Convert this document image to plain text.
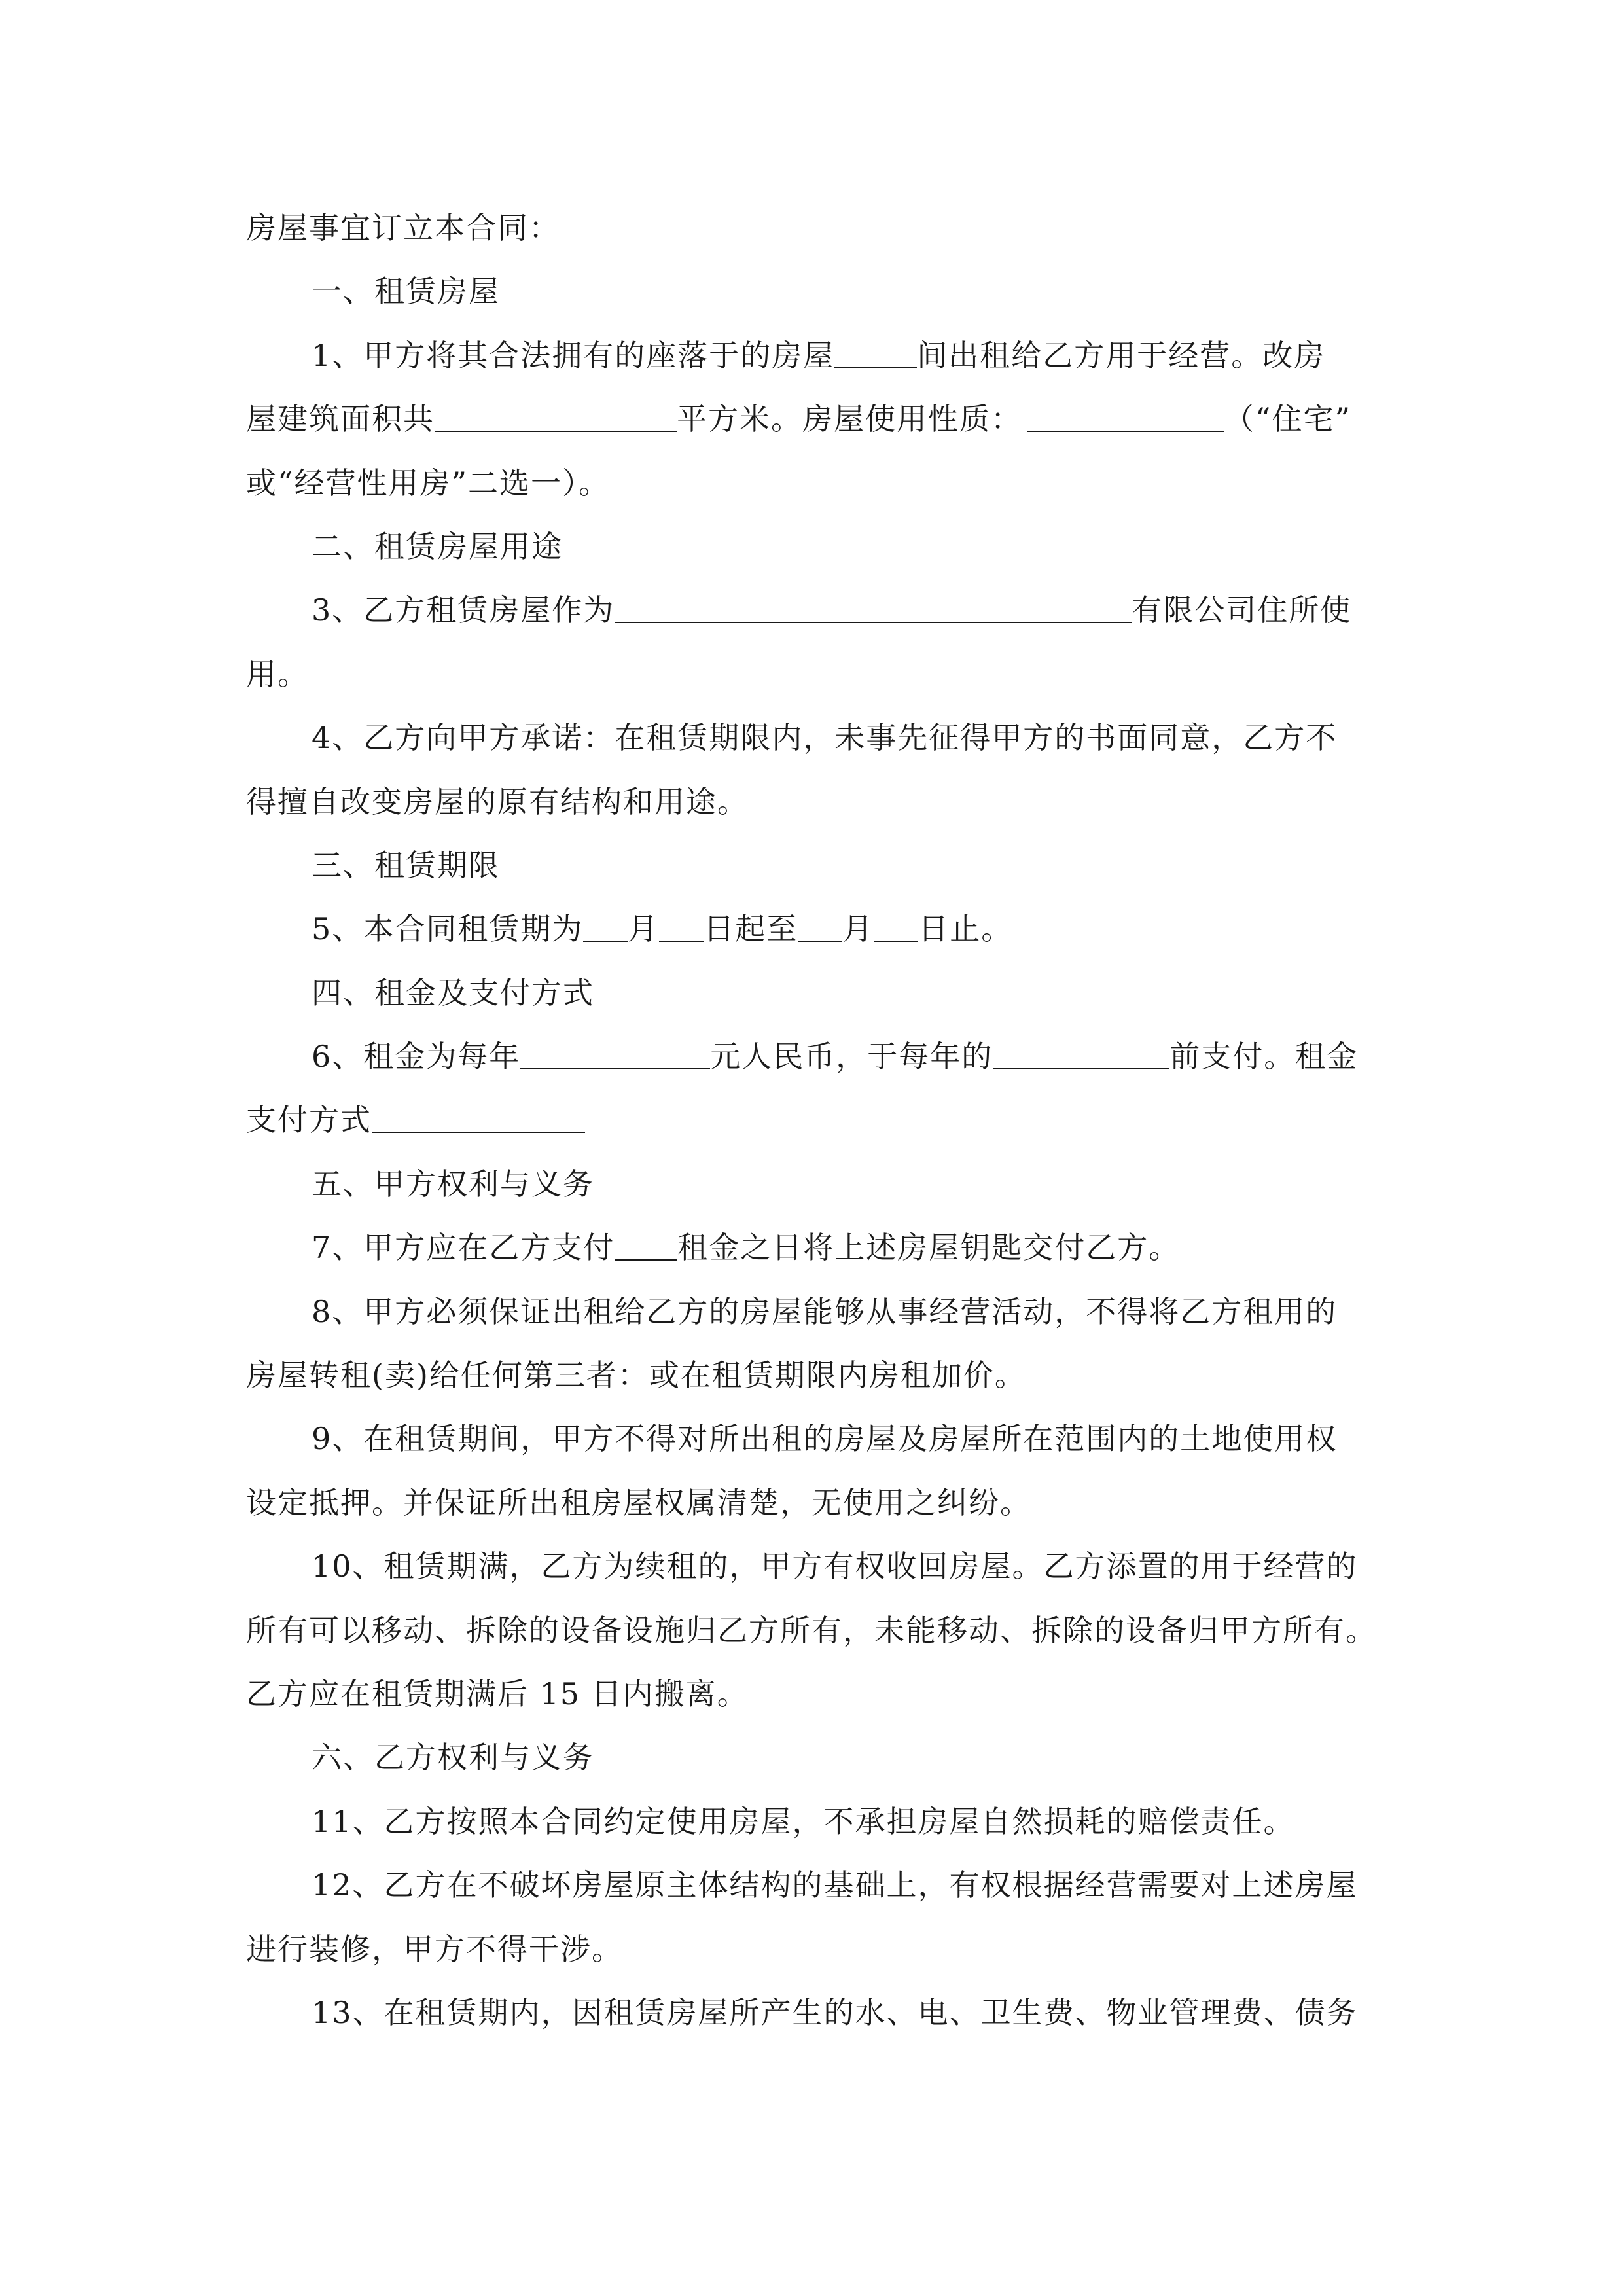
房屋事宜订立本合同：
一、租赁房屋
1、甲方将其合法拥有的座落于的房屋	间出租给乙方用于经营。改房
屋建筑面积共	平方米。房屋使用性质：	（“住宅”
或“经营性用房”二选一）。
二、租赁房屋用途
3、乙方租赁房屋作为	有限公司住所使
用。
4、乙方向甲方承诺：在租赁期限内，未事先征得甲方的书面同意，乙方不
得擅自改变房屋的原有结构和用途。
三、租赁期限
5、本合同租赁期为 月 日起至 月 日止。
四、租金及支付方式
6、租金为每年	元人民币，于每年的	前支付。租金
支付方式
五、甲方权利与义务
7、甲方应在乙方支付 租金之日将上述房屋钥匙交付乙方。
8、甲方必须保证出租给乙方的房屋能够从事经营活动，不得将乙方租用的
房屋转租(卖)给任何第三者：或在租赁期限内房租加价。
9、在租赁期间，甲方不得对所出租的房屋及房屋所在范围内的土地使用权
设定抵押。并保证所出租房屋权属清楚，无使用之纠纷。
10、租赁期满，乙方为续租的，甲方有权收回房屋。乙方添置的用于经营的
所有可以移动、拆除的设备设施归乙方所有，未能移动、拆除的设备归甲方所有。
乙方应在租赁期满后 15 日内搬离。
六、乙方权利与义务
11、乙方按照本合同约定使用房屋，不承担房屋自然损耗的赔偿责任。
12、乙方在不破坏房屋原主体结构的基础上，有权根据经营需要对上述房屋
进行装修，甲方不得干涉。
13、在租赁期内，因租赁房屋所产生的水、电、卫生费、物业管理费、债务
